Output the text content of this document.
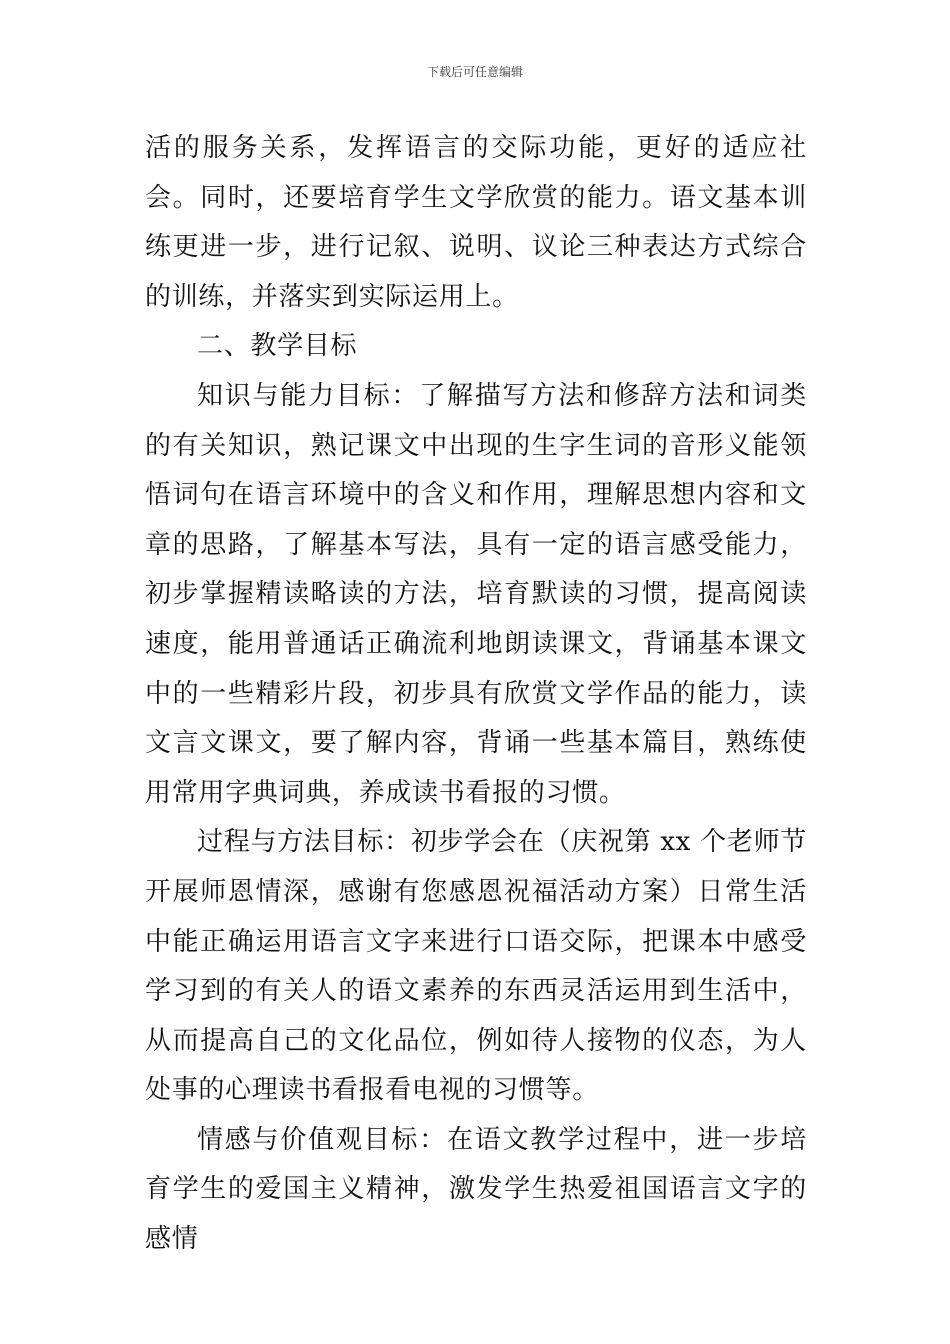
下载后可任意编辑

活的服务关系，发挥语言的交际功能，更好的适应社会。同时，还要培育学生文学欣赏的能力。语文基本训练更进一步，进行记叙、说明、议论三种表达方式综合的训练，并落实到实际运用上。

二、教学目标

知识与能力目标：了解描写方法和修辞方法和词类的有关知识，熟记课文中出现的生字生词的音形义能领悟词句在语言环境中的含义和作用，理解思想内容和文章的思路，了解基本写法，具有一定的语言感受能力，初步掌握精读略读的方法，培育默读的习惯，提高阅读速度，能用普通话正确流利地朗读课文，背诵基本课文中的一些精彩片段，初步具有欣赏文学作品的能力，读文言文课文，要了解内容，背诵一些基本篇目，熟练使用常用字典词典，养成读书看报的习惯。

过程与方法目标：初步学会在（庆祝第 xx 个老师节开展师恩情深，感谢有您感恩祝福活动方案）日常生活中能正确运用语言文字来进行口语交际，把课本中感受学习到的有关人的语文素养的东西灵活运用到生活中，从而提高自己的文化品位，例如待人接物的仪态，为人处事的心理读书看报看电视的习惯等。

情感与价值观目标：在语文教学过程中，进一步培育学生的爱国主义精神，激发学生热爱祖国语言文字的感情
